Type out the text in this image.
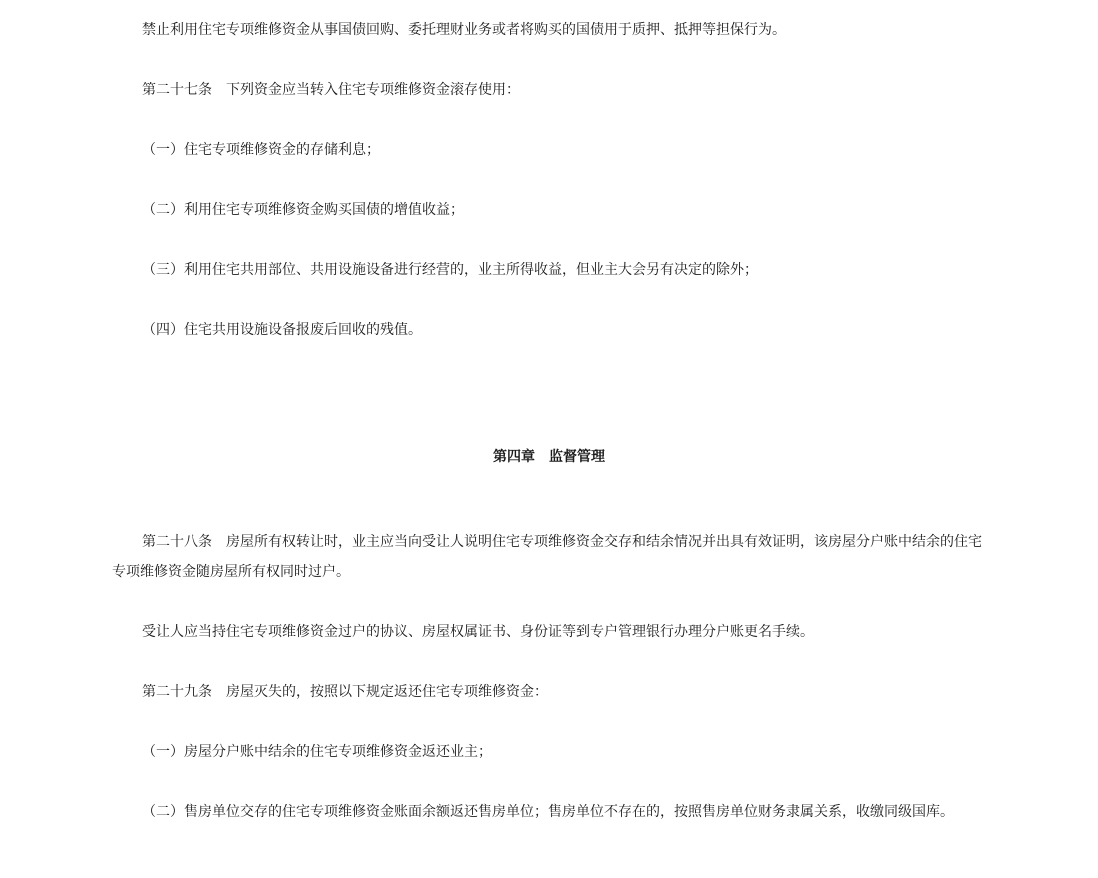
禁止利用住宅专项维修资金从事国债回购、委托理财业务或者将购买的国债用于质押、抵押等担保行为。

第二十七条　下列资金应当转入住宅专项维修资金滚存使用：

（一）住宅专项维修资金的存储利息；

（二）利用住宅专项维修资金购买国债的增值收益；

（三）利用住宅共用部位、共用设施设备进行经营的，业主所得收益，但业主大会另有决定的除外；

（四）住宅共用设施设备报废后回收的残值。

第四章　监督管理

第二十八条　房屋所有权转让时，业主应当向受让人说明住宅专项维修资金交存和结余情况并出具有效证明，该房屋分户账中结余的住宅专项维修资金随房屋所有权同时过户。

受让人应当持住宅专项维修资金过户的协议、房屋权属证书、身份证等到专户管理银行办理分户账更名手续。

第二十九条　房屋灭失的，按照以下规定返还住宅专项维修资金：

（一）房屋分户账中结余的住宅专项维修资金返还业主；

（二）售房单位交存的住宅专项维修资金账面余额返还售房单位；售房单位不存在的，按照售房单位财务隶属关系，收缴同级国库。
